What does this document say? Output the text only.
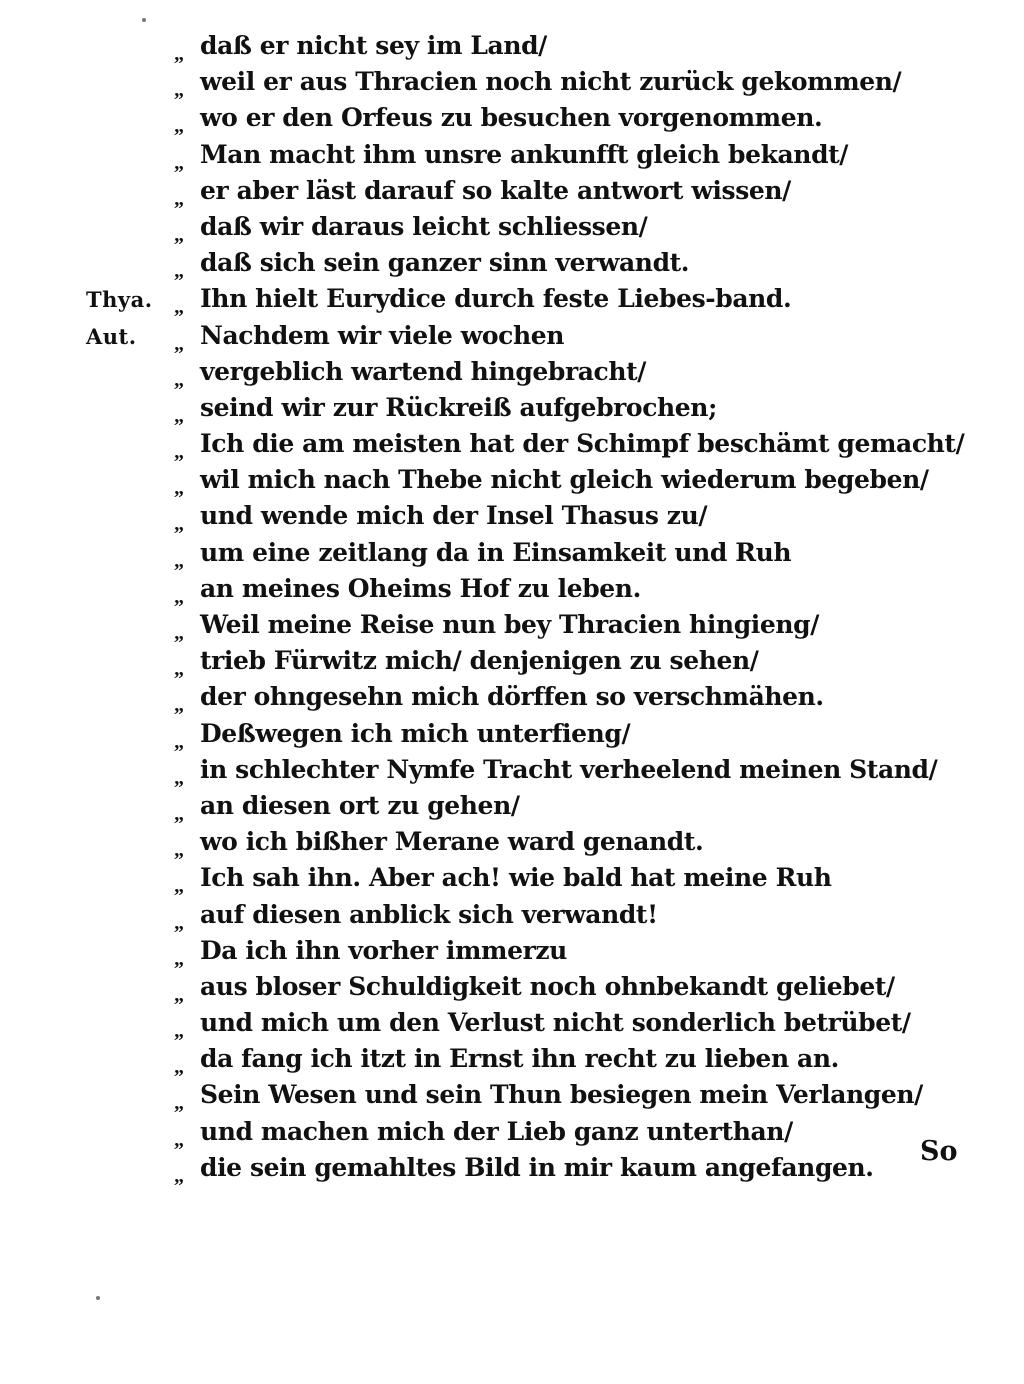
„ daß er nicht sey im Land/
„ weil er aus Thracien noch nicht zurück gekommen/
„ wo er den Orfeus zu besuchen vorgenommen.
„ Man macht ihm unsre ankunfft gleich bekandt/
„ er aber läst darauf so kalte antwort wissen/
„ daß wir daraus leicht schliessen/
„ daß sich sein ganzer sinn verwandt.
Thya.	„ Ihn hielt Eurydice durch feste Liebes-band.
Aut.	„ Nachdem wir viele wochen
„ vergeblich wartend hingebracht/
„ seind wir zur Rückreiß aufgebrochen;
„ Ich die am meisten hat der Schimpf beschämt gemacht/
„ wil mich nach Thebe nicht gleich wiederum begeben/
„ und wende mich der Insel Thasus zu/
„ um eine zeitlang da in Einsamkeit und Ruh
„ an meines Oheims Hof zu leben.
„ Weil meine Reise nun bey Thracien hingieng/
„ trieb Fürwitz mich/ denjenigen zu sehen/
„ der ohngesehn mich dörffen so verschmähen.
„ Deßwegen ich mich unterfieng/
„ in schlechter Nymfe Tracht verheelend meinen Stand/
„ an diesen ort zu gehen/
„ wo ich bißher Merane ward genandt.
„ Ich sah ihn. Aber ach! wie bald hat meine Ruh
„ auf diesen anblick sich verwandt!
„ Da ich ihn vorher immerzu
„ aus bloser Schuldigkeit noch ohnbekandt geliebet/
„ und mich um den Verlust nicht sonderlich betrübet/
„ da fang ich itzt in Ernst ihn recht zu lieben an.
„ Sein Wesen und sein Thun besiegen mein Verlangen/
„ und machen mich der Lieb ganz unterthan/
„ die sein gemahltes Bild in mir kaum angefangen.
So
